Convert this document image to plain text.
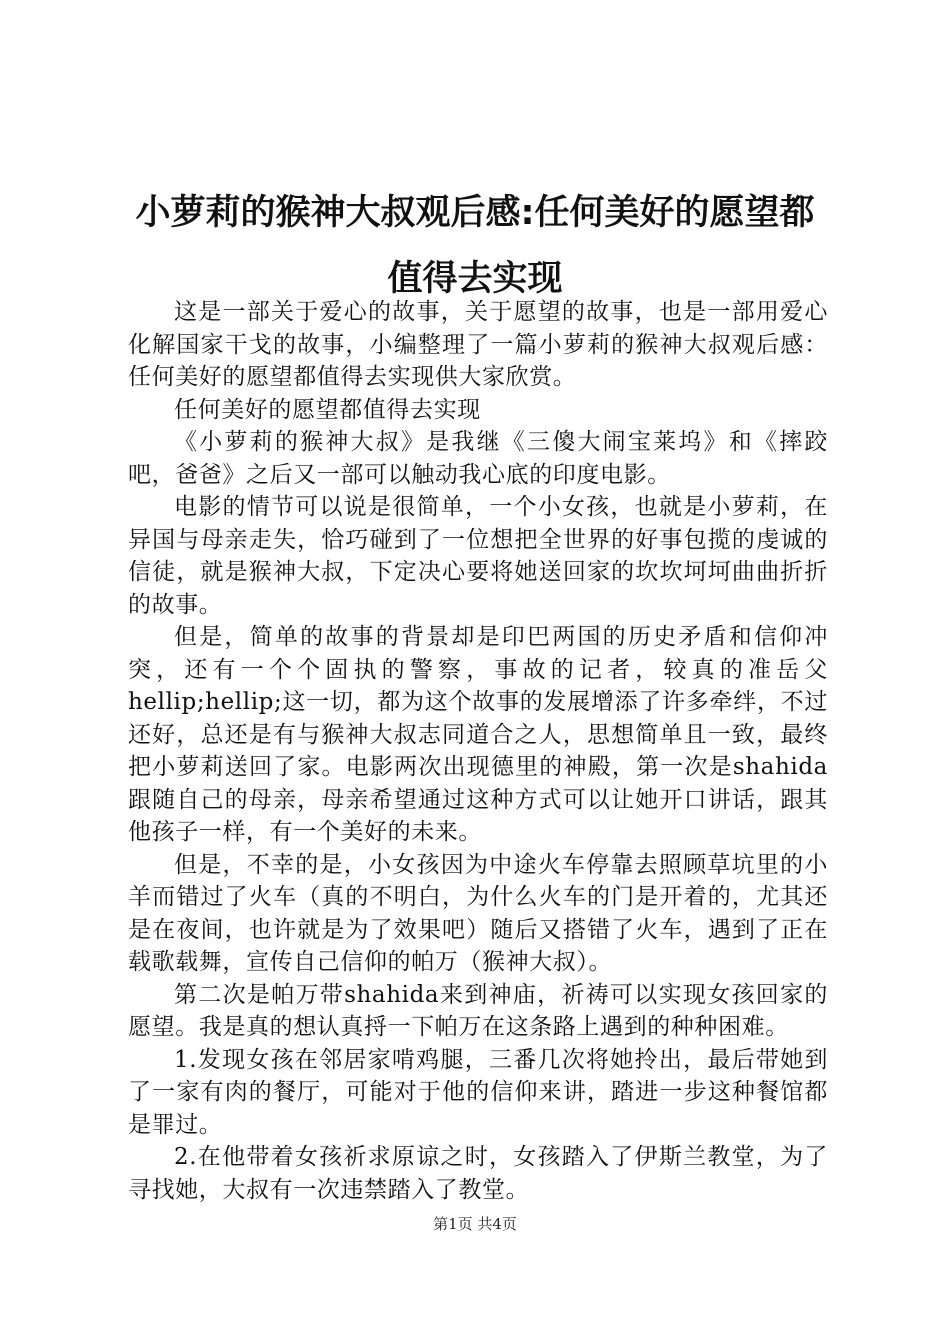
小萝莉的猴神大叔观后感:任何美好的愿望都
值得去实现

这是一部关于爱心的故事，关于愿望的故事，也是一部用爱心化解国家干戈的故事，小编整理了一篇小萝莉的猴神大叔观后感：任何美好的愿望都值得去实现供大家欣赏。

任何美好的愿望都值得去实现

《小萝莉的猴神大叔》是我继《三傻大闹宝莱坞》和《摔跤吧，爸爸》之后又一部可以触动我心底的印度电影。

电影的情节可以说是很简单，一个小女孩，也就是小萝莉，在异国与母亲走失，恰巧碰到了一位想把全世界的好事包揽的虔诚的信徒，就是猴神大叔，下定决心要将她送回家的坎坎坷坷曲曲折折的故事。

但是，简单的故事的背景却是印巴两国的历史矛盾和信仰冲突，还有一个个固执的警察，事故的记者，较真的准岳父hellip;hellip;这一切，都为这个故事的发展增添了许多牵绊，不过还好，总还是有与猴神大叔志同道合之人，思想简单且一致，最终把小萝莉送回了家。电影两次出现德里的神殿，第一次是shahida跟随自己的母亲，母亲希望通过这种方式可以让她开口讲话，跟其他孩子一样，有一个美好的未来。

但是，不幸的是，小女孩因为中途火车停靠去照顾草坑里的小羊而错过了火车（真的不明白，为什么火车的门是开着的，尤其还是在夜间，也许就是为了效果吧）随后又搭错了火车，遇到了正在载歌载舞，宣传自己信仰的帕万（猴神大叔）。

第二次是帕万带shahida来到神庙，祈祷可以实现女孩回家的愿望。我是真的想认真捋一下帕万在这条路上遇到的种种困难。

1.发现女孩在邻居家啃鸡腿，三番几次将她拎出，最后带她到了一家有肉的餐厅，可能对于他的信仰来讲，踏进一步这种餐馆都是罪过。

2.在他带着女孩祈求原谅之时，女孩踏入了伊斯兰教堂，为了寻找她，大叔有一次违禁踏入了教堂。

第1页 共4页
